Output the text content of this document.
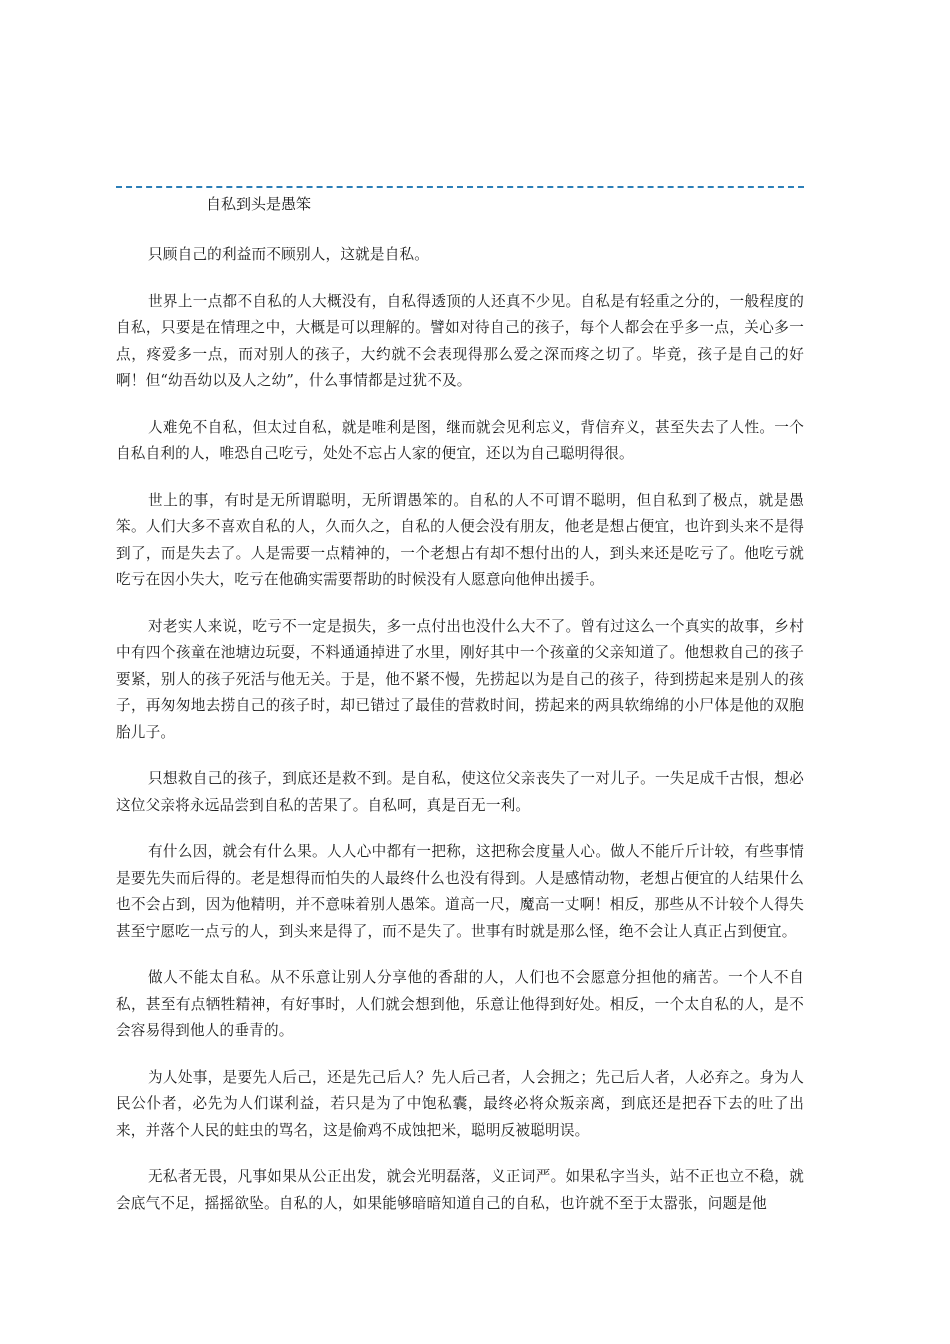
自私到头是愚笨

只顾自己的利益而不顾别人，这就是自私。

世界上一点都不自私的人大概没有，自私得透顶的人还真不少见。自私是有轻重之分的，一般程度的自私，只要是在情理之中，大概是可以理解的。譬如对待自己的孩子，每个人都会在乎多一点，关心多一点，疼爱多一点，而对别人的孩子，大约就不会表现得那么爱之深而疼之切了。毕竟，孩子是自己的好啊！但“幼吾幼以及人之幼”，什么事情都是过犹不及。

人难免不自私，但太过自私，就是唯利是图，继而就会见利忘义，背信弃义，甚至失去了人性。一个自私自利的人，唯恐自己吃亏，处处不忘占人家的便宜，还以为自己聪明得很。

世上的事，有时是无所谓聪明，无所谓愚笨的。自私的人不可谓不聪明，但自私到了极点，就是愚笨。人们大多不喜欢自私的人，久而久之，自私的人便会没有朋友，他老是想占便宜，也许到头来不是得到了，而是失去了。人是需要一点精神的，一个老想占有却不想付出的人，到头来还是吃亏了。他吃亏就吃亏在因小失大，吃亏在他确实需要帮助的时候没有人愿意向他伸出援手。

对老实人来说，吃亏不一定是损失，多一点付出也没什么大不了。曾有过这么一个真实的故事，乡村中有四个孩童在池塘边玩耍，不料通通掉进了水里，刚好其中一个孩童的父亲知道了。他想救自己的孩子要紧，别人的孩子死活与他无关。于是，他不紧不慢，先捞起以为是自己的孩子，待到捞起来是别人的孩子，再匆匆地去捞自己的孩子时，却已错过了最佳的营救时间，捞起来的两具软绵绵的小尸体是他的双胞胎儿子。

只想救自己的孩子，到底还是救不到。是自私，使这位父亲丧失了一对儿子。一失足成千古恨，想必这位父亲将永远品尝到自私的苦果了。自私呵，真是百无一利。

有什么因，就会有什么果。人人心中都有一把称，这把称会度量人心。做人不能斤斤计较，有些事情是要先失而后得的。老是想得而怕失的人最终什么也没有得到。人是感情动物，老想占便宜的人结果什么也不会占到，因为他精明，并不意味着别人愚笨。道高一尺，魔高一丈啊！相反，那些从不计较个人得失甚至宁愿吃一点亏的人，到头来是得了，而不是失了。世事有时就是那么怪，绝不会让人真正占到便宜。

做人不能太自私。从不乐意让别人分享他的香甜的人，人们也不会愿意分担他的痛苦。一个人不自私，甚至有点牺牲精神，有好事时，人们就会想到他，乐意让他得到好处。相反，一个太自私的人，是不会容易得到他人的垂青的。

为人处事，是要先人后己，还是先己后人？先人后己者，人会拥之；先己后人者，人必弃之。身为人民公仆者，必先为人们谋利益，若只是为了中饱私囊，最终必将众叛亲离，到底还是把吞下去的吐了出来，并落个人民的蛀虫的骂名，这是偷鸡不成蚀把米，聪明反被聪明误。

无私者无畏，凡事如果从公正出发，就会光明磊落，义正词严。如果私字当头，站不正也立不稳，就会底气不足，摇摇欲坠。自私的人，如果能够暗暗知道自己的自私，也许就不至于太嚣张，问题是他
